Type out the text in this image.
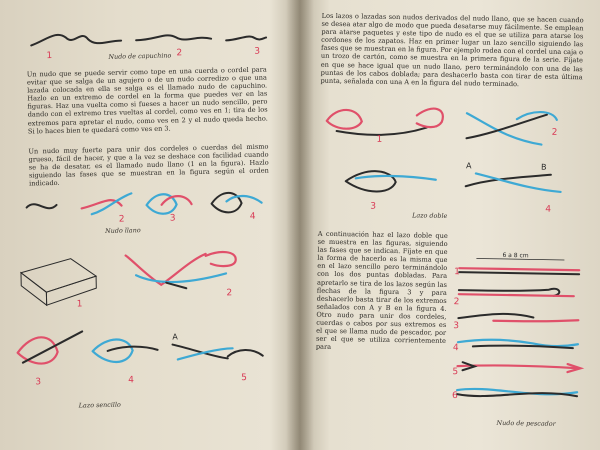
1	2	3

Nudo de capuchino

Un nudo que se puede servir como tope en una cuerda o cordel para evitar que se salga de un agujero o de un nudo corredizo o que una lazada colocada en ella se salga es el llamado nudo de capuchino. Hazlo en un extremo de cordel en la forma que puedes ver en las figuras. Haz una vuelta como si fueses a hacer un nudo sencillo, pero dando con el extremo tres vueltas al cordel, como ves en 1; tira de los extremos para apretar el nudo, como ves en 2 y el nudo queda hecho. Si lo haces bien te quedará como ves en 3.

Un nudo muy fuerte para unir dos cordeles o cuerdas del mismo grueso, fácil de hacer, y que a la vez se deshace con facilidad cuando se ha de desatar, es el llamado nudo llano (1 en la figura). Hazlo siguiendo las fases que se muestran en la figura según el orden indicado.

2	3	4

Nudo llano

1
2
3	4
A
5

Lazo sencillo

Los lazos o lazadas son nudos derivados del nudo llano, que se hacen cuando se desea atar algo de modo que pueda desatarse muy fácilmente. Se emplean para atarse paquetes y este tipo de nudo es el que se utiliza para atarse los cordones de los zapatos. Haz en primer lugar un lazo sencillo siguiendo las fases que se muestran en la figura. Por ejemplo rodea con el cordel una caja o un trozo de cartón, como se muestra en la primera figura de la serie. Fíjate en que se hace igual que un nudo llano, pero terminándolo con una de las puntas de los cabos doblada; para deshacerlo basta con tirar de esta última punta, señalada con una A en la figura del nudo terminado.

1
2
3
A	B
4

Lazo doble

A continuación haz el lazo doble que se muestra en las figuras, siguiendo las fases que se indican. Fíjate en que la forma de hacerlo es la misma que en el lazo sencillo pero terminándolo con los dos puntas dobladas. Para apretarlo se tira de los lazos según las flechas de la figura 3 y para deshacerlo basta tirar de los extremos señalados con A y B en la figura 4. Otro nudo para unir dos cordeles, cuerdas o cabos por sus extremos es el que se llama nudo de pescador, por ser el que se utiliza corrientemente para

6 a 8 cm
1
2
3
4
5
6

Nudo de pescador
